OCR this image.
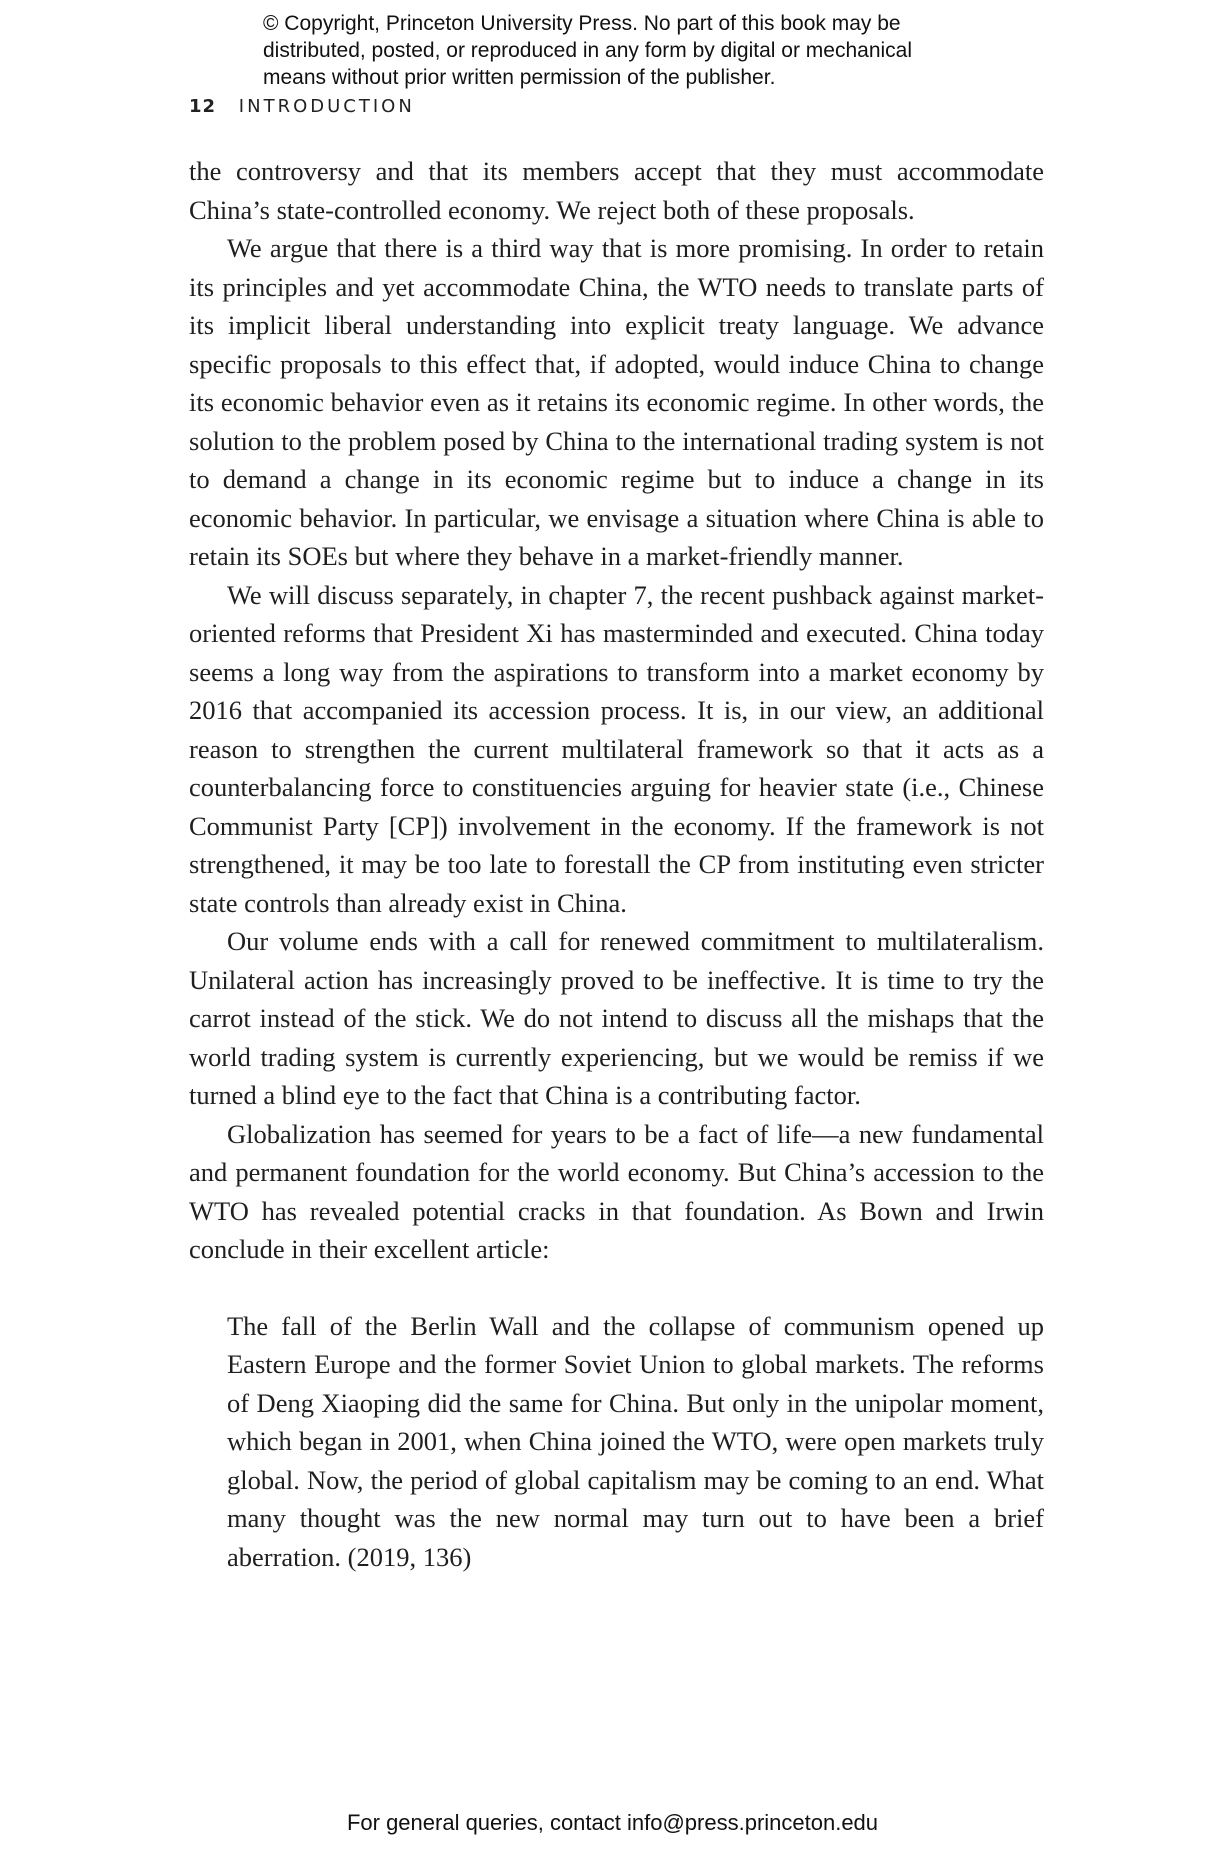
© Copyright, Princeton University Press. No part of this book may be
distributed, posted, or reproduced in any form by digital or mechanical
means without prior written permission of the publisher.
12 INTRODUCTION

the controversy and that its members accept that they must accommodate China’s state-controlled economy. We reject both of these proposals.

We argue that there is a third way that is more promising. In order to retain its principles and yet accommodate China, the WTO needs to translate parts of its implicit liberal understanding into explicit treaty language. We advance specific proposals to this effect that, if adopted, would induce China to change its economic behavior even as it retains its economic regime. In other words, the solution to the problem posed by China to the international trading system is not to demand a change in its economic regime but to induce a change in its economic behavior. In particular, we envisage a situation where China is able to retain its SOEs but where they behave in a market-friendly manner.

We will discuss separately, in chapter 7, the recent pushback against market-oriented reforms that President Xi has masterminded and executed. China today seems a long way from the aspirations to transform into a market economy by 2016 that accompanied its accession process. It is, in our view, an additional reason to strengthen the current multilateral framework so that it acts as a counterbalancing force to constituencies arguing for heavier state (i.e., Chinese Communist Party [CP]) involvement in the economy. If the framework is not strengthened, it may be too late to forestall the CP from instituting even stricter state controls than already exist in China.

Our volume ends with a call for renewed commitment to multilateralism. Unilateral action has increasingly proved to be ineffective. It is time to try the carrot instead of the stick. We do not intend to discuss all the mishaps that the world trading system is currently experiencing, but we would be remiss if we turned a blind eye to the fact that China is a contributing factor.

Globalization has seemed for years to be a fact of life—a new fundamental and permanent foundation for the world economy. But China’s accession to the WTO has revealed potential cracks in that foundation. As Bown and Irwin conclude in their excellent article:

The fall of the Berlin Wall and the collapse of communism opened up Eastern Europe and the former Soviet Union to global markets. The reforms of Deng Xiaoping did the same for China. But only in the unipolar moment, which began in 2001, when China joined the WTO, were open markets truly global. Now, the period of global capitalism may be coming to an end. What many thought was the new normal may turn out to have been a brief aberration. (2019, 136)

For general queries, contact info@press.princeton.edu
